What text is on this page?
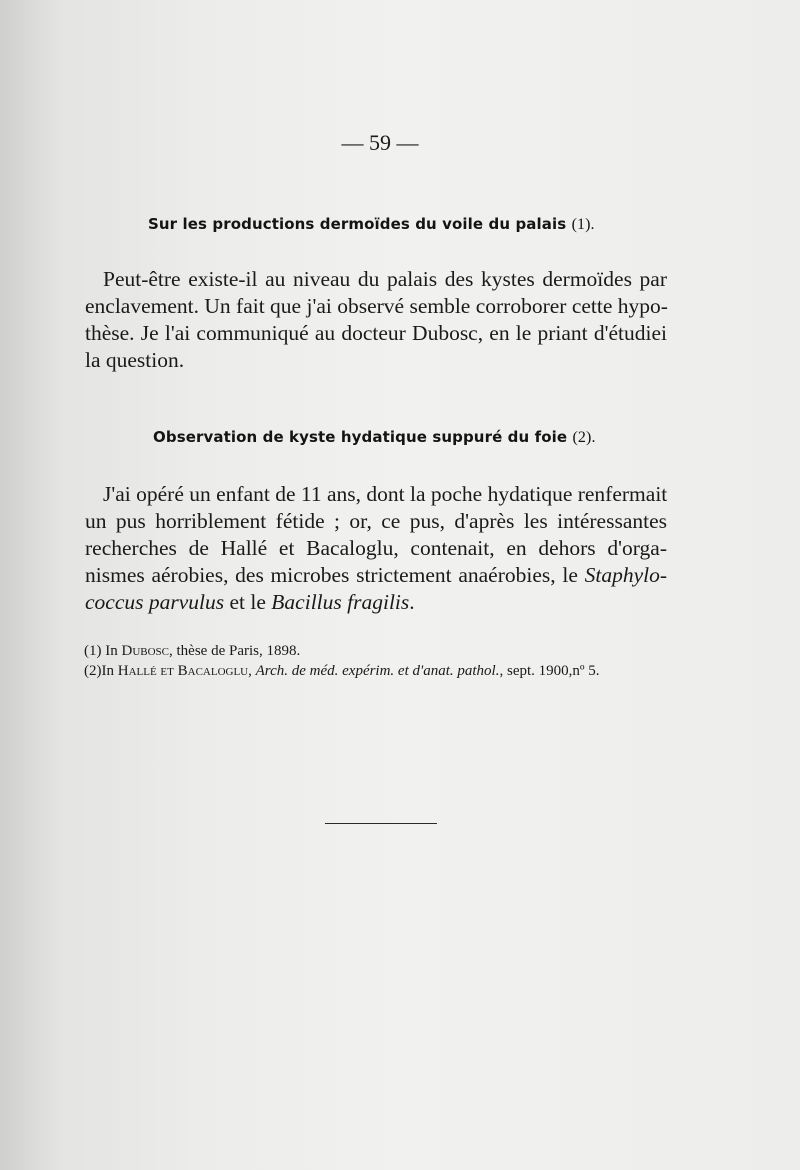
— 59 —
Sur les productions dermoïdes du voile du palais (1).
Peut-être existe-il au niveau du palais des kystes dermoïdes par
enclavement. Un fait que j'ai observé semble corroborer cette hypo-
thèse. Je l'ai communiqué au docteur Dubosc, en le priant d'étudiei
la question.
Observation de kyste hydatique suppuré du foie (2).
J'ai opéré un enfant de 11 ans, dont la poche hydatique renfermait
un pus horriblement fétide ; or, ce pus, d'après les intéressantes
recherches de Hallé et Bacaloglu, contenait, en dehors d'orga-
nismes aérobies, des microbes strictement anaérobies, le Staphylo-
coccus parvulus et le Bacillus fragilis.
(1) In Dubosc, thèse de Paris, 1898.
(2)In Hallé et Bacaloglu, Arch. de méd. expérim. et d'anat. pathol., sept. 1900,nº 5.
